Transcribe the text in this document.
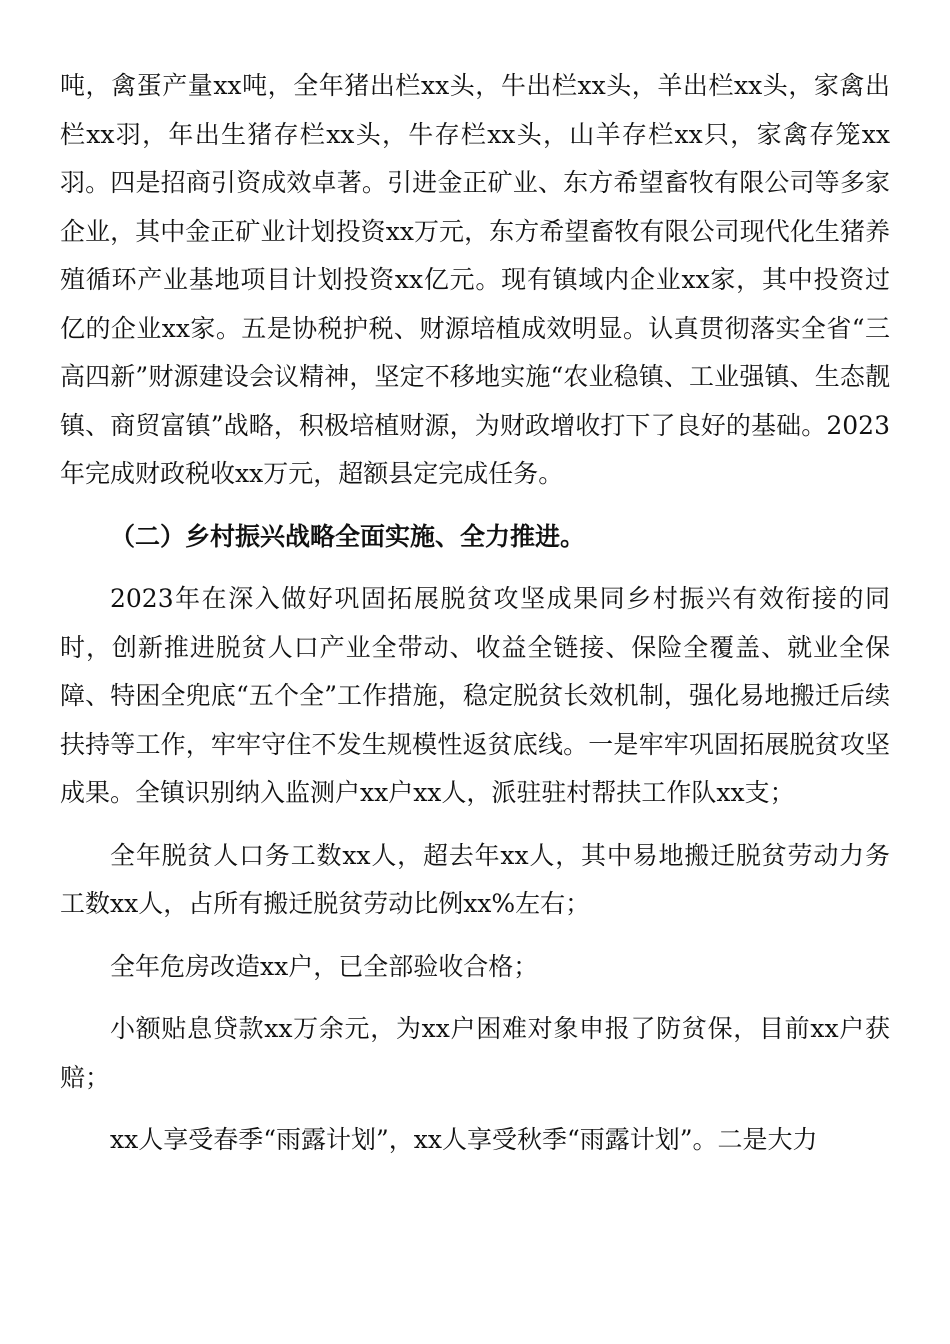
吨，禽蛋产量xx吨，全年猪出栏xx头，牛出栏xx头，羊出栏xx头，家禽出栏xx羽，年出生猪存栏xx头，牛存栏xx头，山羊存栏xx只，家禽存笼xx羽。四是招商引资成效卓著。引进金正矿业、东方希望畜牧有限公司等多家企业，其中金正矿业计划投资xx万元，东方希望畜牧有限公司现代化生猪养殖循环产业基地项目计划投资xx亿元。现有镇域内企业xx家，其中投资过亿的企业xx家。五是协税护税、财源培植成效明显。认真贯彻落实全省“三高四新”财源建设会议精神，坚定不移地实施“农业稳镇、工业强镇、生态靓镇、商贸富镇”战略，积极培植财源，为财政增收打下了良好的基础。2023年完成财政税收xx万元，超额县定完成任务。

（二）乡村振兴战略全面实施、全力推进。

2023年在深入做好巩固拓展脱贫攻坚成果同乡村振兴有效衔接的同时，创新推进脱贫人口产业全带动、收益全链接、保险全覆盖、就业全保障、特困全兜底“五个全”工作措施，稳定脱贫长效机制，强化易地搬迁后续扶持等工作，牢牢守住不发生规模性返贫底线。一是牢牢巩固拓展脱贫攻坚成果。全镇识别纳入监测户xx户xx人，派驻驻村帮扶工作队xx支；

全年脱贫人口务工数xx人，超去年xx人，其中易地搬迁脱贫劳动力务工数xx人，占所有搬迁脱贫劳动比例xx%左右；

全年危房改造xx户，已全部验收合格；

小额贴息贷款xx万余元，为xx户困难对象申报了防贫保，目前xx户获赔；

xx人享受春季“雨露计划”，xx人享受秋季“雨露计划”。二是大力
